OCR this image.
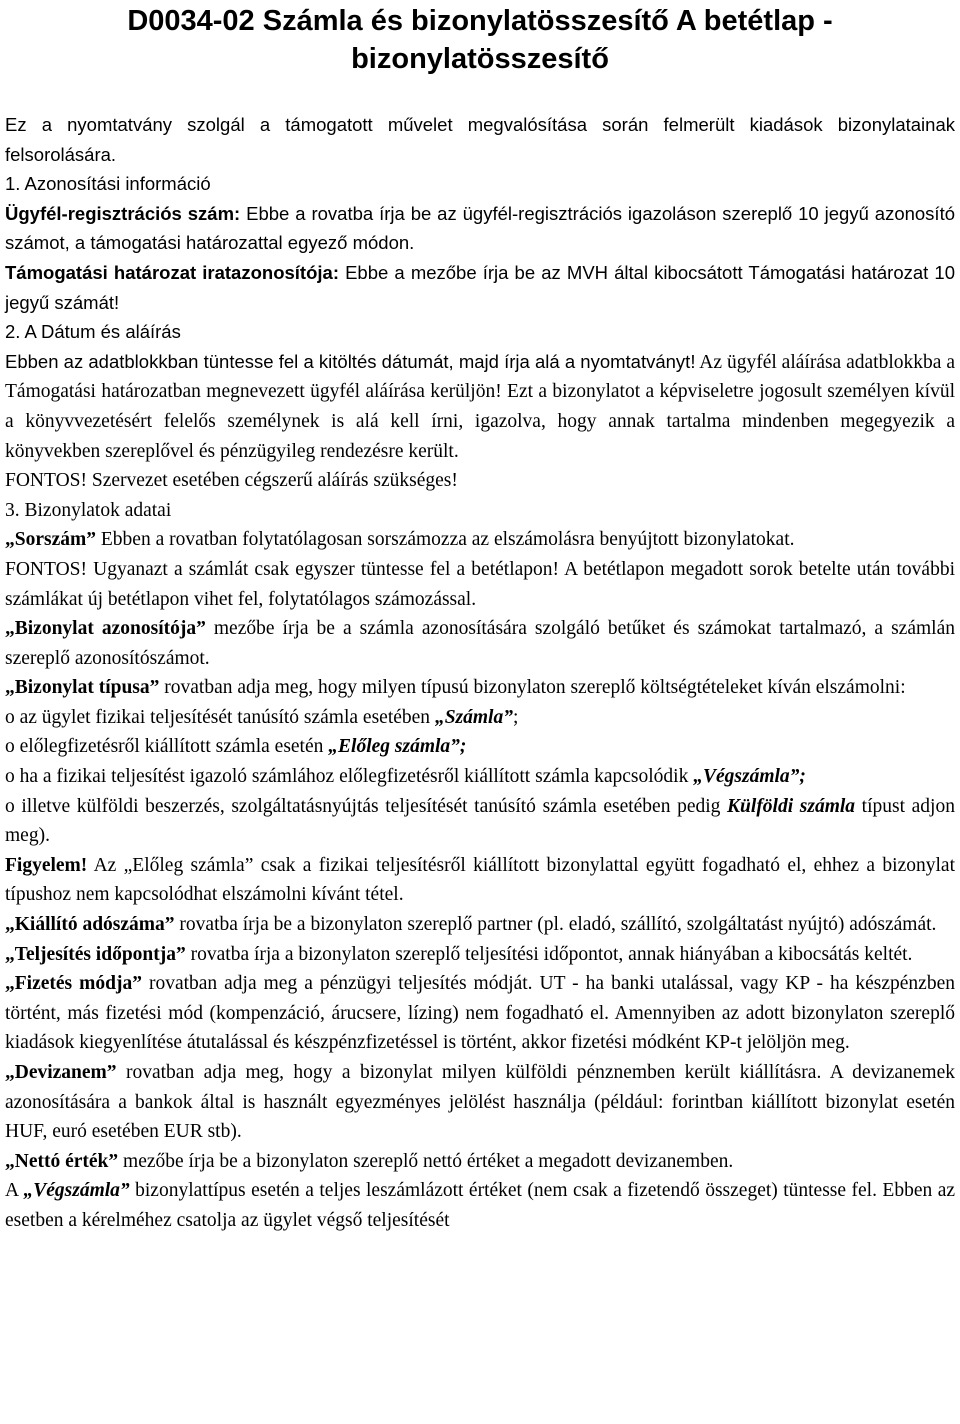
D0034-02 Számla és bizonylatösszesítő A betétlap -
bizonylatösszesítő

Ez a nyomtatvány szolgál a támogatott művelet megvalósítása során felmerült kiadások bizonylatainak felsorolására.

1. Azonosítási információ

Ügyfél-regisztrációs szám: Ebbe a rovatba írja be az ügyfél-regisztrációs igazoláson szereplő 10 jegyű azonosító számot, a támogatási határozattal egyező módon.

Támogatási határozat iratazonosítója: Ebbe a mezőbe írja be az MVH által kibocsátott Támogatási határozat 10 jegyű számát!

2. A Dátum és aláírás

Ebben az adatblokkban tüntesse fel a kitöltés dátumát, majd írja alá a nyomtatványt! Az ügyfél aláírása adatblokkba a Támogatási határozatban megnevezett ügyfél aláírása kerüljön! Ezt a bizonylatot a képviseletre jogosult személyen kívül a könyvvezetésért felelős személynek is alá kell írni, igazolva, hogy annak tartalma mindenben megegyezik a könyvekben szereplővel és pénzügyileg rendezésre került.

FONTOS! Szervezet esetében cégszerű aláírás szükséges!

3. Bizonylatok adatai

„Sorszám” Ebben a rovatban folytatólagosan sorszámozza az elszámolásra benyújtott bizonylatokat.

FONTOS! Ugyanazt a számlát csak egyszer tüntesse fel a betétlapon! A betétlapon megadott sorok betelte után további számlákat új betétlapon vihet fel, folytatólagos számozással.

„Bizonylat azonosítója” mezőbe írja be a számla azonosítására szolgáló betűket és számokat tartalmazó, a számlán szereplő azonosítószámot.

„Bizonylat típusa” rovatban adja meg, hogy milyen típusú bizonylaton szereplő költségtételeket kíván elszámolni:

o az ügylet fizikai teljesítését tanúsító számla esetében „Számla”;

o előlegfizetésről kiállított számla esetén „Előleg számla”;

o ha a fizikai teljesítést igazoló számlához előlegfizetésről kiállított számla kapcsolódik „Végszámla”;

o illetve külföldi beszerzés, szolgáltatásnyújtás teljesítését tanúsító számla esetében pedig Külföldi számla típust adjon meg).

Figyelem! Az „Előleg számla” csak a fizikai teljesítésről kiállított bizonylattal együtt fogadható el, ehhez a bizonylat típushoz nem kapcsolódhat elszámolni kívánt tétel.

„Kiállító adószáma” rovatba írja be a bizonylaton szereplő partner (pl. eladó, szállító, szolgáltatást nyújtó) adószámát.

„Teljesítés időpontja” rovatba írja a bizonylaton szereplő teljesítési időpontot, annak hiányában a kibocsátás keltét.

„Fizetés módja” rovatban adja meg a pénzügyi teljesítés módját. UT - ha banki utalással, vagy KP - ha készpénzben történt, más fizetési mód (kompenzáció, árucsere, lízing) nem fogadható el. Amennyiben az adott bizonylaton szereplő kiadások kiegyenlítése átutalással és készpénzfizetéssel is történt, akkor fizetési módként KP-t jelöljön meg.

„Devizanem” rovatban adja meg, hogy a bizonylat milyen külföldi pénznemben került kiállításra. A devizanemek azonosítására a bankok által is használt egyezményes jelölést használja (például: forintban kiállított bizonylat esetén HUF, euró esetében EUR stb).

„Nettó érték” mezőbe írja be a bizonylaton szereplő nettó értéket a megadott devizanemben.

A „Végszámla” bizonylattípus esetén a teljes leszámlázott értéket (nem csak a fizetendő összeget) tüntesse fel. Ebben az esetben a kérelméhez csatolja az ügylet végső teljesítését
